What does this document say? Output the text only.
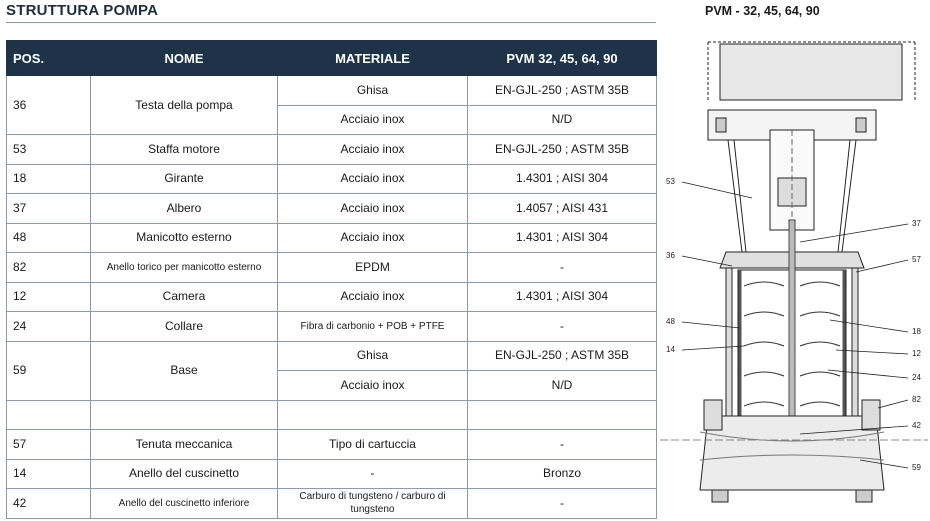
STRUTTURA POMPA
POS.	NOME	MATERIALE	PVM 32, 45, 64, 90
36	Testa della pompa	Ghisa	EN-GJL-250 ; ASTM 35B
		Acciaio inox	N/D
53	Staffa motore	Acciaio inox	EN-GJL-250 ; ASTM 35B
18	Girante	Acciaio inox	1.4301 ; AISI 304
37	Albero	Acciaio inox	1.4057 ; AISI 431
48	Manicotto esterno	Acciaio inox	1.4301 ; AISI 304
82	Anello torico per manicotto esterno	EPDM	-
12	Camera	Acciaio inox	1.4301 ; AISI 304
24	Collare	Fibra di carbonio + POB + PTFE	-
59	Base	Ghisa	EN-GJL-250 ; ASTM 35B
		Acciaio inox	N/D

57	Tenuta meccanica	Tipo di cartuccia	-
14	Anello del cuscinetto	-	Bronzo
42	Anello del cuscinetto inferiore	Carburo di tungsteno / carburo di tungsteno	-
PVM - 32, 45, 64, 90
53
37
36	57
48
18
14	12
24
82
42
59
